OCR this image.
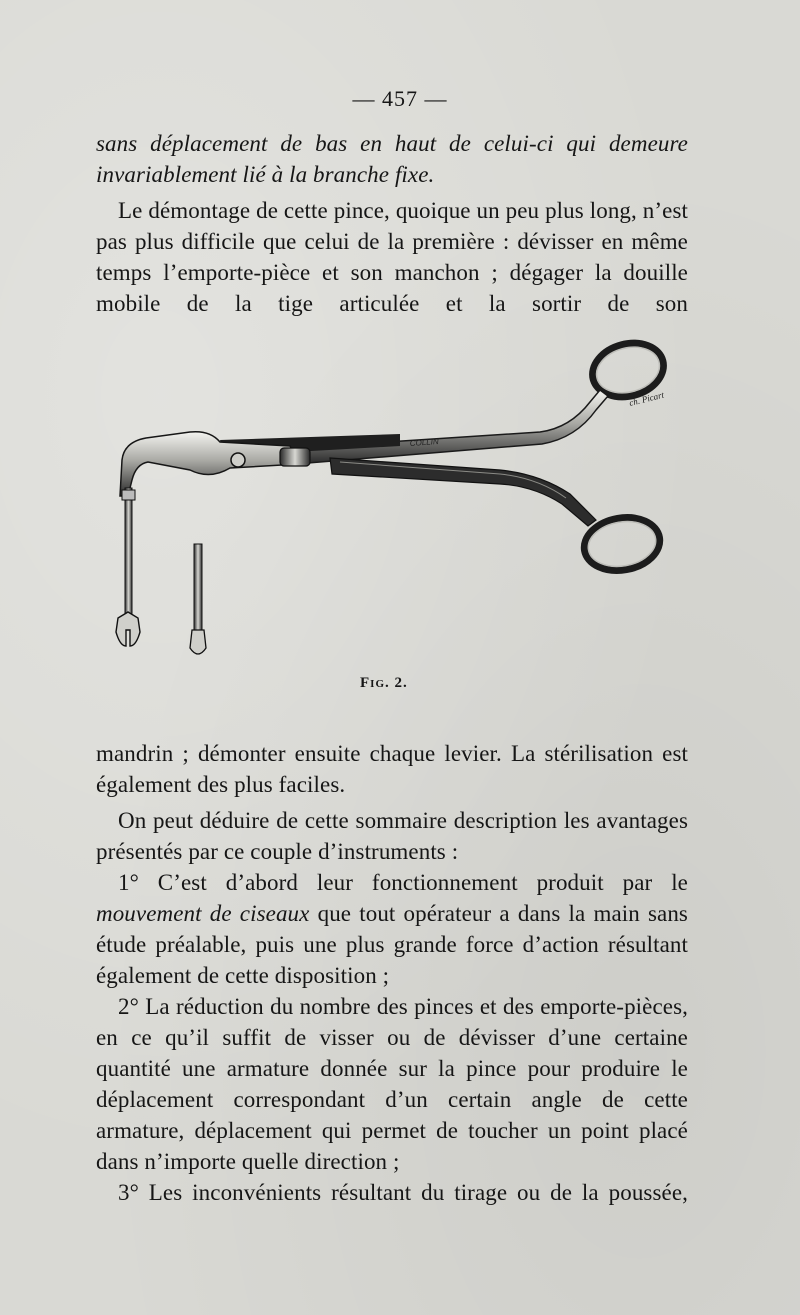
— 457 —

sans déplacement de bas en haut de celui-ci qui demeure invariablement lié à la branche fixe.

Le démontage de cette pince, quoique un peu plus long, n’est pas plus difficile que celui de la première : dévisser en même temps l’emporte-pièce et son manchon ; dégager la douille mobile de la tige articulée et la sortir de son

COLLIN
ch. Picart
Fig. 2.

mandrin ; démonter ensuite chaque levier. La stérilisation est également des plus faciles.

On peut déduire de cette sommaire description les avantages présentés par ce couple d’instruments :

1° C’est d’abord leur fonctionnement produit par le mouvement de ciseaux que tout opérateur a dans la main sans étude préalable, puis une plus grande force d’action résultant également de cette disposition ;

2° La réduction du nombre des pinces et des emporte-pièces, en ce qu’il suffit de visser ou de dévisser d’une certaine quantité une armature donnée sur la pince pour produire le déplacement correspondant d’un certain angle de cette armature, déplacement qui permet de toucher un point placé dans n’importe quelle direction ;

3° Les inconvénients résultant du tirage ou de la poussée,
